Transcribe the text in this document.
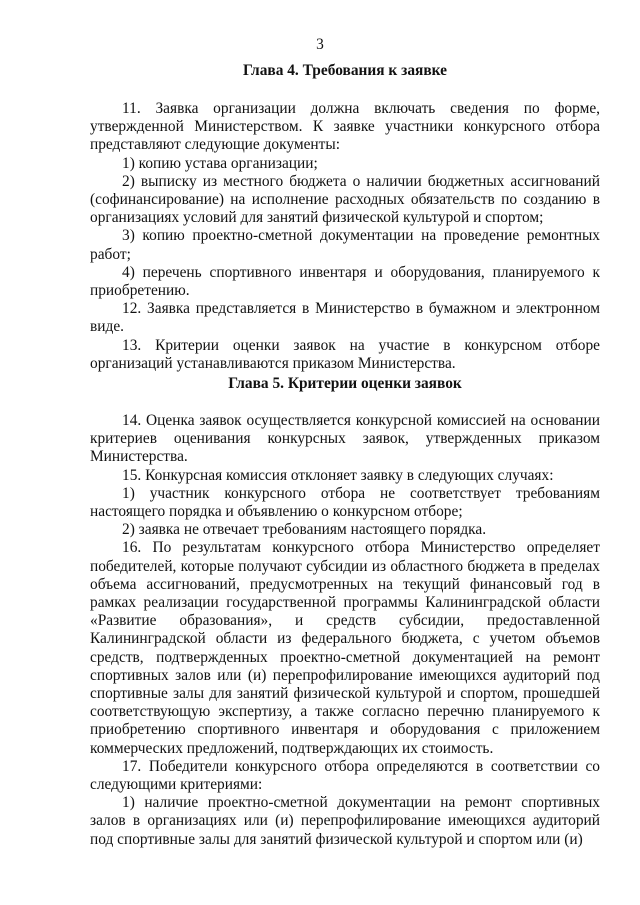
3
Глава 4. Требования к заявке

11. Заявка организации должна включать сведения по форме, утвержденной Министерством. К заявке участники конкурсного отбора представляют следующие документы:

1) копию устава организации;

2) выписку из местного бюджета о наличии бюджетных ассигнований (софинансирование) на исполнение расходных обязательств по созданию в организациях условий для занятий физической культурой и спортом;

3) копию проектно-сметной документации на проведение ремонтных работ;

4) перечень спортивного инвентаря и оборудования, планируемого к приобретению.

12. Заявка представляется в Министерство в бумажном и электронном виде.

13. Критерии оценки заявок на участие в конкурсном отборе организаций устанавливаются приказом Министерства.

Глава 5. Критерии оценки заявок

14. Оценка заявок осуществляется конкурсной комиссией на основании критериев оценивания конкурсных заявок, утвержденных приказом Министерства.

15. Конкурсная комиссия отклоняет заявку в следующих случаях:

1) участник конкурсного отбора не соответствует требованиям настоящего порядка и объявлению о конкурсном отборе;

2) заявка не отвечает требованиям настоящего порядка.

16. По результатам конкурсного отбора Министерство определяет победителей, которые получают субсидии из областного бюджета в пределах объема ассигнований, предусмотренных на текущий финансовый год в рамках реализации государственной программы Калининградской области «Развитие образования», и средств субсидии, предоставленной Калининградской области из федерального бюджета, с учетом объемов средств, подтвержденных проектно-сметной документацией на ремонт спортивных залов или (и) перепрофилирование имеющихся аудиторий под спортивные залы для занятий физической культурой и спортом, прошедшей соответствующую экспертизу, а также согласно перечню планируемого к приобретению спортивного инвентаря и оборудования с приложением коммерческих предложений, подтверждающих их стоимость.

17. Победители конкурсного отбора определяются в соответствии со следующими критериями:

1) наличие проектно-сметной документации на ремонт спортивных залов в организациях или (и) перепрофилирование имеющихся аудиторий под спортивные залы для занятий физической культурой и спортом или (и)
